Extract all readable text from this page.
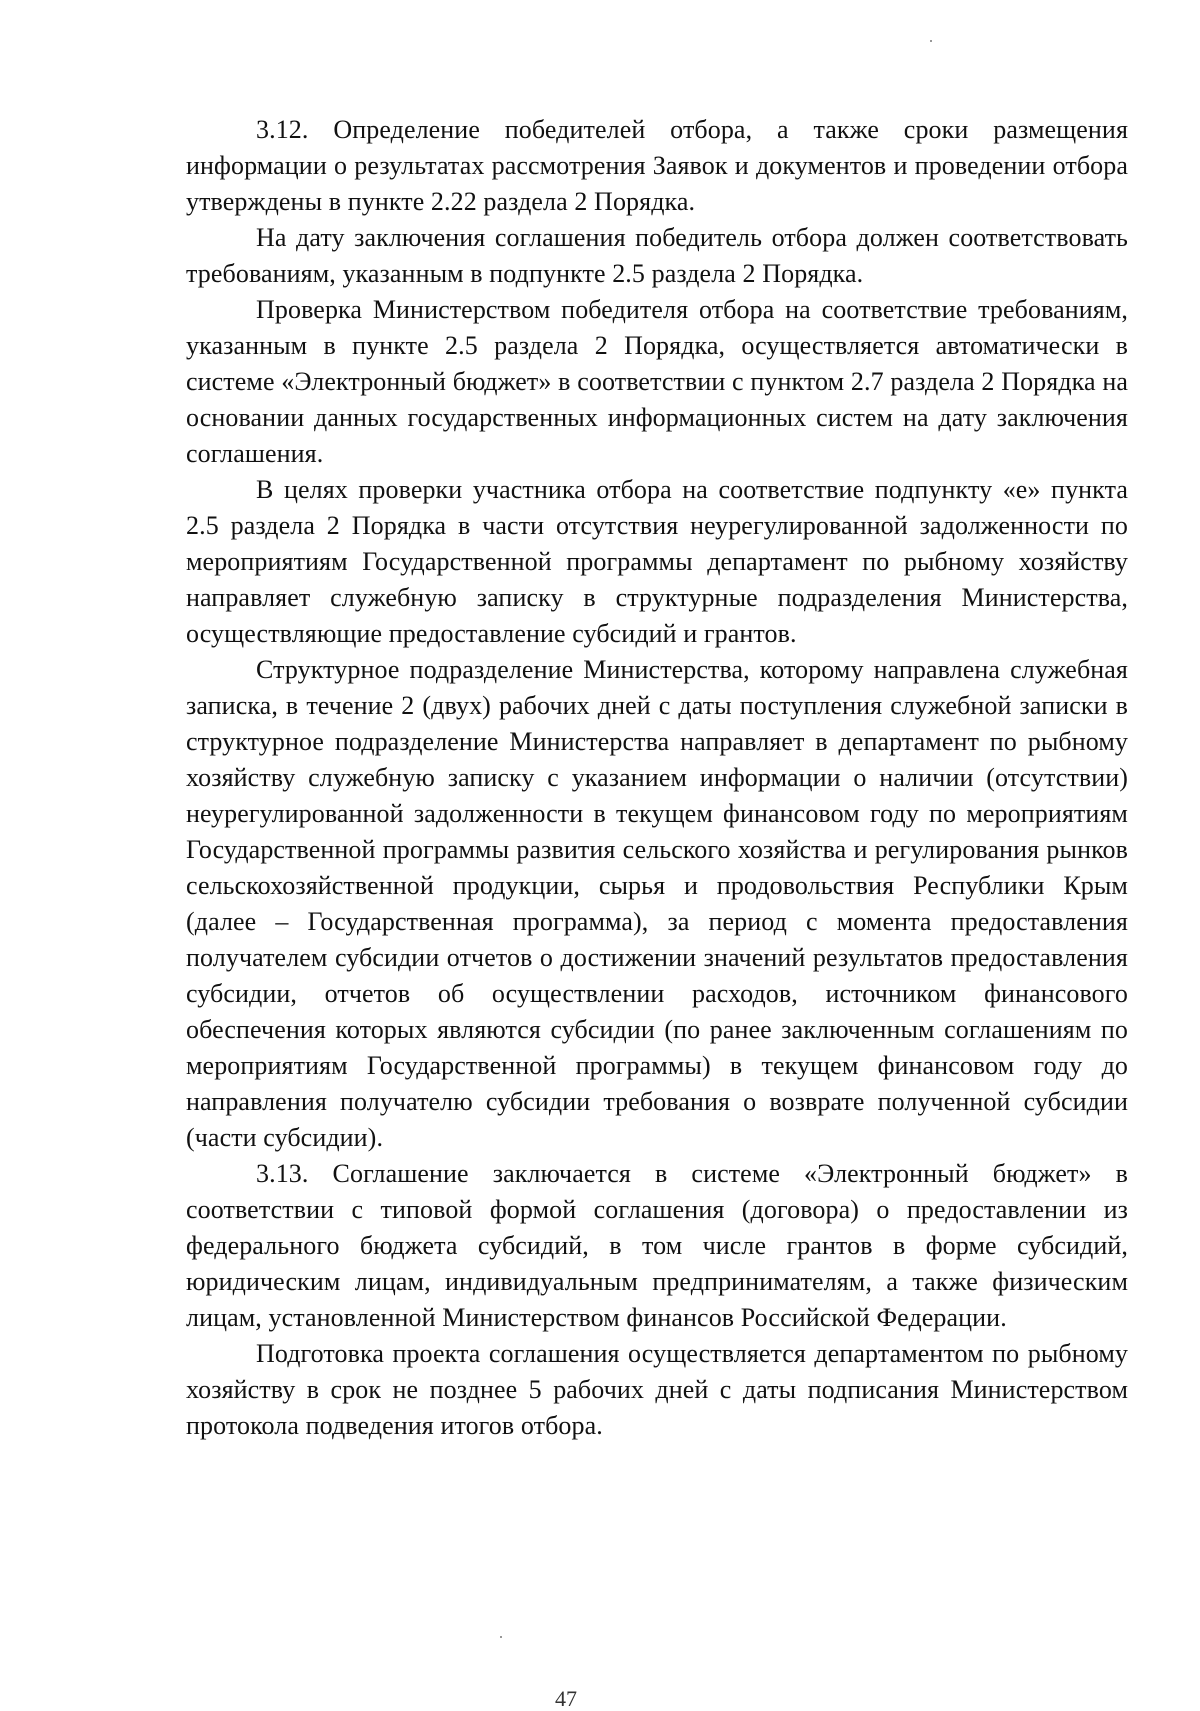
3.12. Определение победителей отбора, а также сроки размещения информации о результатах рассмотрения Заявок и документов и проведении отбора утверждены в пункте 2.22 раздела 2 Порядка.

На дату заключения соглашения победитель отбора должен соответствовать требованиям, указанным в подпункте 2.5 раздела 2 Порядка.

Проверка Министерством победителя отбора на соответствие требованиям, указанным в пункте 2.5 раздела 2 Порядка, осуществляется автоматически в системе «Электронный бюджет» в соответствии с пунктом 2.7 раздела 2 Порядка на основании данных государственных информационных систем на дату заключения соглашения.

В целях проверки участника отбора на соответствие подпункту «е» пункта 2.5 раздела 2 Порядка в части отсутствия неурегулированной задолженности по мероприятиям Государственной программы департамент по рыбному хозяйству направляет служебную записку в структурные подразделения Министерства, осуществляющие предоставление субсидий и грантов.

Структурное подразделение Министерства, которому направлена служебная записка, в течение 2 (двух) рабочих дней с даты поступления служебной записки в структурное подразделение Министерства направляет в департамент по рыбному хозяйству служебную записку с указанием информации о наличии (отсутствии) неурегулированной задолженности в текущем финансовом году по мероприятиям Государственной программы развития сельского хозяйства и регулирования рынков сельскохозяйственной продукции, сырья и продовольствия Республики Крым (далее – Государственная программа), за период с момента предоставления получателем субсидии отчетов о достижении значений результатов предоставления субсидии, отчетов об осуществлении расходов, источником финансового обеспечения которых являются субсидии (по ранее заключенным соглашениям по мероприятиям Государственной программы) в текущем финансовом году до направления получателю субсидии требования о возврате полученной субсидии (части субсидии).

3.13. Соглашение заключается в системе «Электронный бюджет» в соответствии с типовой формой соглашения (договора) о предоставлении из федерального бюджета субсидий, в том числе грантов в форме субсидий, юридическим лицам, индивидуальным предпринимателям, а также физическим лицам, установленной Министерством финансов Российской Федерации.

Подготовка проекта соглашения осуществляется департаментом по рыбному хозяйству в срок не позднее 5 рабочих дней с даты подписания Министерством протокола подведения итогов отбора.

47
